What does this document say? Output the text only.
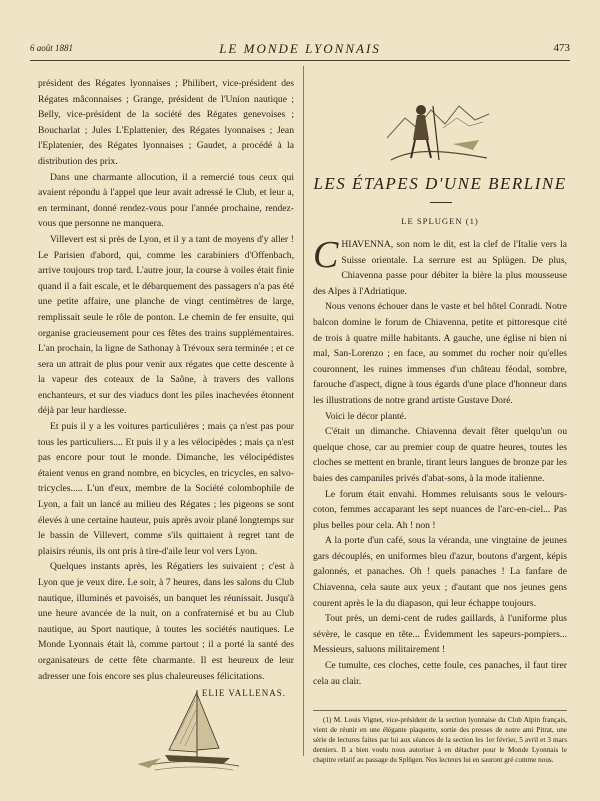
6 août 1881	LE MONDE LYONNAIS	473

président des Régates lyonnaises ; Philibert, vice-président des Régates mâconnaises ; Grange, président de l'Union nautique ; Belly, vice-président de la société des Régates genevoises ; Boucharlat ; Jules L'Eplattenier, des Régates lyonnaises ; Jean l'Eplatenier, des Régates lyonnaises ; Gaudet, a procédé à la distribution des prix.

Dans une charmante allocution, il a remercié tous ceux qui avaient répondu à l'appel que leur avait adressé le Club, et leur a, en terminant, donné rendez-vous pour l'année prochaine, rendez-vous que personne ne manquera.

Villevert est si près de Lyon, et il y a tant de moyens d'y aller ! Le Parisien d'abord, qui, comme les carabiniers d'Offenbach, arrive toujours trop tard. L'autre jour, la course à voiles était finie quand il a fait escale, et le débarquement des passagers n'a pas été une petite affaire, une planche de vingt centimètres de large, remplissait seule le rôle de ponton. Le chemin de fer ensuite, qui organise gracieusement pour ces fêtes des trains supplémentaires. L'an prochain, la ligne de Sathonay à Trévoux sera terminée ; et ce sera un attrait de plus pour venir aux régates que cette descente à la vapeur des coteaux de la Saône, à travers des vallons enchanteurs, et sur des viaducs dont les piles inachevées étonnent déjà par leur hardiesse.

Et puis il y a les voitures particulières ; mais ça n'est pas pour tous les particuliers.... Et puis il y a les vélocipèdes ; mais ça n'est pas encore pour tout le monde. Dimanche, les vélocipédistes étaient venus en grand nombre, en bicycles, en tricycles, en salvo-tricycles..... L'un d'eux, membre de la Société colombophile de Lyon, a fait un lancé au milieu des Régates ; les pigeons se sont élevés à une certaine hauteur, puis après avoir plané longtemps sur le bassin de Villevert, comme s'ils quittaient à regret tant de plaisirs réunis, ils ont pris à tire-d'aile leur vol vers Lyon.

Quelques instants après, les Régatiers les suivaient ; c'est à Lyon que je veux dire. Le soir, à 7 heures, dans les salons du Club nautique, illuminés et pavoisés, un banquet les réunissait. Jusqu'à une heure avancée de la nuit, on a confraternisé et bu au Club nautique, au Sport nautique, à toutes les sociétés nautiques. Le Monde Lyonnais était là, comme partout ; il a porté la santé des organisateurs de cette fête charmante. Il est heureux de leur adresser une fois encore ses plus chaleureuses félicitations.

ELIE VALLENAS.
LES ÉTAPES D'UNE BERLINE
LE SPLUGEN (1)

CHIAVENNA, son nom le dit, est la clef de l'Italie vers la Suisse orientale. La serrure est au Splügen. De plus, Chiavenna passe pour débiter la bière la plus mousseuse des Alpes à l'Adriatique.

Nous venons échouer dans le vaste et bel hôtel Conradi. Notre balcon domine le forum de Chiavenna, petite et pittoresque cité de trois à quatre mille habitants. A gauche, une église ni bien ni mal, San-Lorenzo ; en face, au sommet du rocher noir qu'elles couronnent, les ruines immenses d'un château féodal, sombre, farouche d'aspect, digne à tous égards d'une place d'honneur dans les illustrations de notre grand artiste Gustave Doré.

Voici le décor planté.

C'était un dimanche. Chiavenna devait fêter quelqu'un ou quelque chose, car au premier coup de quatre heures, toutes les cloches se mettent en branle, tirant leurs langues de bronze par les baies des campaniles privés d'abat-sons, à la mode italienne.

Le forum était envahi. Hommes reluisants sous le velours-coton, femmes accaparant les sept nuances de l'arc-en-ciel... Pas plus belles pour cela. Ah ! non !

A la porte d'un café, sous la véranda, une vingtaine de jeunes gars découplés, en uniformes bleu d'azur, boutons d'argent, képis galonnés, et panaches. Oh ! quels panaches ! La fanfare de Chiavenna, cela saute aux yeux ; d'autant que nos jeunes gens courent après le la du diapason, qui leur échappe toujours.

Tout près, un demi-cent de rudes gaillards, à l'uniforme plus sévère, le casque en tête... Évidemment les sapeurs-pompiers... Messieurs, saluons militairement !

Ce tumulte, ces cloches, cette foule, ces panaches, il faut tirer cela au clair.

(1) M. Louis Vignet, vice-président de la section lyonnaise du Club Alpin français, vient de réunir en une élégante plaquette, sortie des presses de notre ami Pitrat, une série de lectures faites par lui aux séances de la section les 1er février, 5 avril et 3 mars derniers. Il a bien voulu nous autoriser à en détacher pour le Monde Lyonnais le chapitre relatif au passage du Splügen. Nos lecteurs lui en sauront gré comme nous.
